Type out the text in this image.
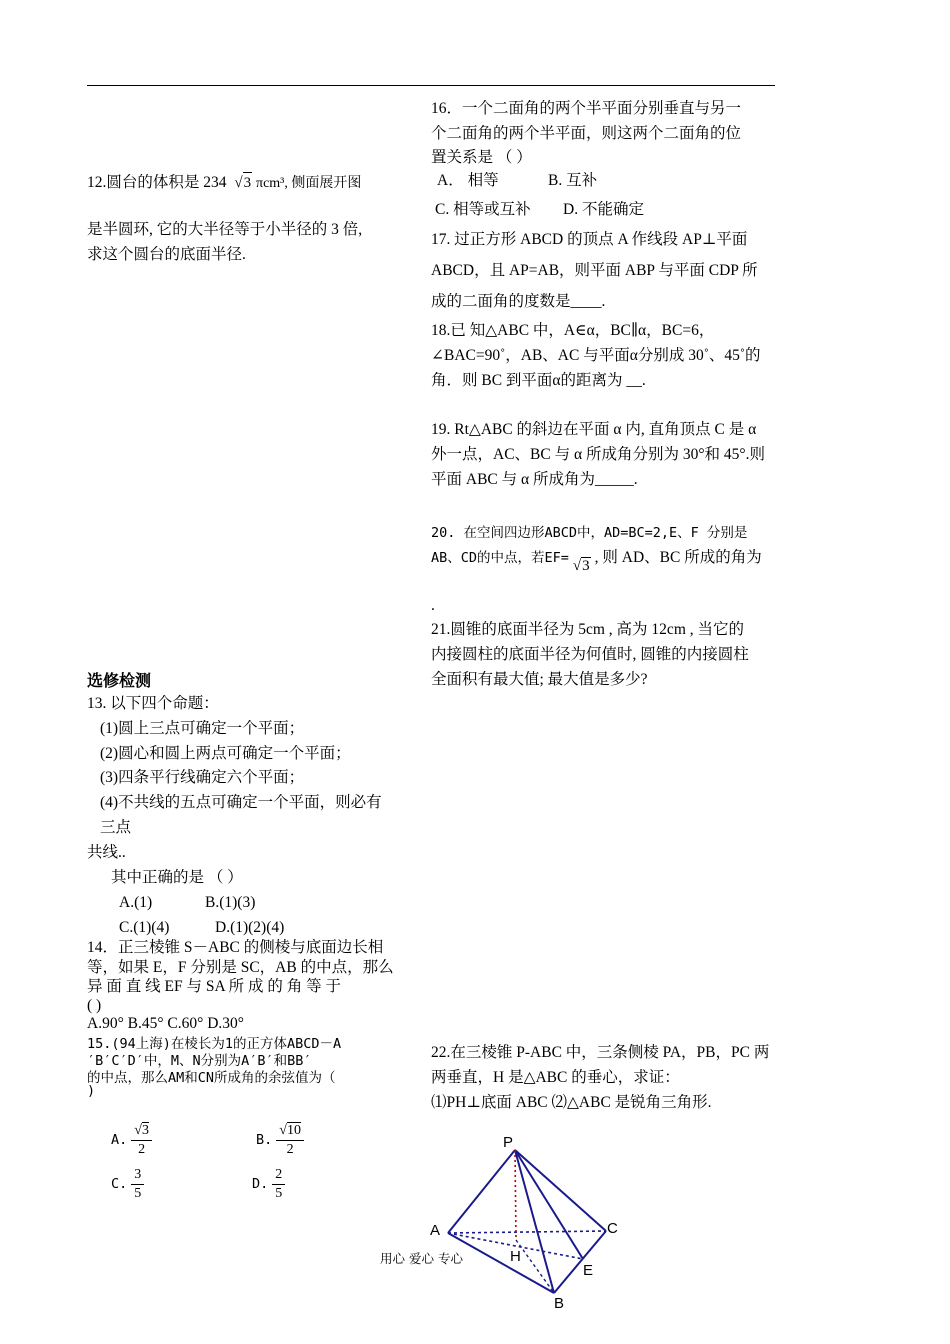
12.圆台的体积是 234 √3 πcm³, 侧面展开图
是半圆环, 它的大半径等于小半径的 3 倍,
求这个圆台的底面半径.
选修检测
13. 以下四个命题：
(1)圆上三点可确定一个平面；
(2)圆心和圆上两点可确定一个平面；
(3)四条平行线确定六个平面；
(4)不共线的五点可确定一个平面，则必有
三点
共线..
其中正确的是 （ ）
A.(1)	B.(1)(3)
C.(1)(4)	D.(1)(2)(4)
14．正三棱锥 S－ABC 的侧棱与底面边长相
等，如果 E，F 分别是 SC，AB 的中点，那么
异 面 直 线 EF 与 SA 所 成 的 角 等 于
( )
A.90° B.45° C.60° D.30°
15.(94上海)在棱长为1的正方体ABCD－A
′B′C′D′中，M、N分别为A′B′和BB′
的中点，那么AM和CN所成角的余弦值为（
)
A. $\frac{√3}{2}$	B. $\frac{√10}{2}$
C. $\frac{3}{5}$	D. $\frac{2}{5}$
16．一个二面角的两个半平面分别垂直与另一
个二面角的两个半平面，则这两个二面角的位
置关系是 （ ）
A． 相等	B. 互补
C. 相等或互补 D. 不能确定
17. 过正方形 ABCD 的顶点 A 作线段 AP⊥平面
ABCD，且 AP=AB，则平面 ABP 与平面 CDP 所
成的二面角的度数是____.
18.已 知△ABC 中，A∈α，BC∥α，BC=6，
∠BAC=90˚，AB、AC 与平面α分别成 30˚、45˚的
角．则 BC 到平面α的距离为 __.
19. Rt△ABC 的斜边在平面 α 内, 直角顶点 C 是 α
外一点，AC、BC 与 α 所成角分别为 30°和 45°.则
平面 ABC 与 α 所成角为_____.
20. 在空间四边形ABCD中，AD=BC=2,E、F 分别是
AB、CD的中点，若EF= √3 , 则 AD、BC 所成的角为
.
21.圆锥的底面半径为 5cm , 高为 12cm , 当它的
内接圆柱的底面半径为何值时, 圆锥的内接圆柱
全面积有最大值; 最大值是多少?
22.在三棱锥 P-ABC 中，三条侧棱 PA，PB，PC 两
两垂直，H 是△ABC 的垂心，求证：
⑴PH⊥底面 ABC ⑵△ABC 是锐角三角形.
P
A	C
H
E
B
用心 爱心 专心
